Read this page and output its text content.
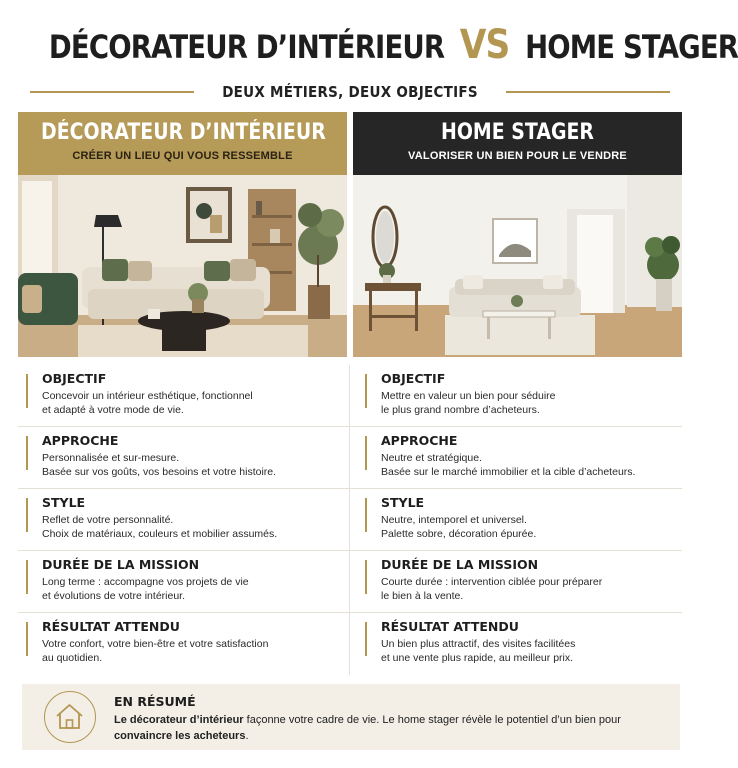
DÉCORATEUR D’INTÉRIEUR VS HOME STAGER
DEUX MÉTIERS, DEUX OBJECTIFS
DÉCORATEUR D’INTÉRIEUR
CRÉER UN LIEU QUI VOUS RESSEMBLE
HOME STAGER
VALORISER UN BIEN POUR LE VENDRE
OBJECTIF
Concevoir un intérieur esthétique, fonctionnel
et adapté à votre mode de vie.
OBJECTIF
Mettre en valeur un bien pour séduire
le plus grand nombre d’acheteurs.
APPROCHE
Personnalisée et sur-mesure.
Basée sur vos goûts, vos besoins et votre histoire.
APPROCHE
Neutre et stratégique.
Basée sur le marché immobilier et la cible d’acheteurs.
STYLE
Reflet de votre personnalité.
Choix de matériaux, couleurs et mobilier assumés.
STYLE
Neutre, intemporel et universel.
Palette sobre, décoration épurée.
DURÉE DE LA MISSION
Long terme : accompagne vos projets de vie
et évolutions de votre intérieur.
DURÉE DE LA MISSION
Courte durée : intervention ciblée pour préparer
le bien à la vente.
RÉSULTAT ATTENDU
Votre confort, votre bien-être et votre satisfaction
au quotidien.
RÉSULTAT ATTENDU
Un bien plus attractif, des visites facilitées
et une vente plus rapide, au meilleur prix.
EN RÉSUMÉ
Le décorateur d’intérieur façonne votre cadre de vie. Le home stager révèle le potentiel d’un bien pour convaincre les acheteurs.
